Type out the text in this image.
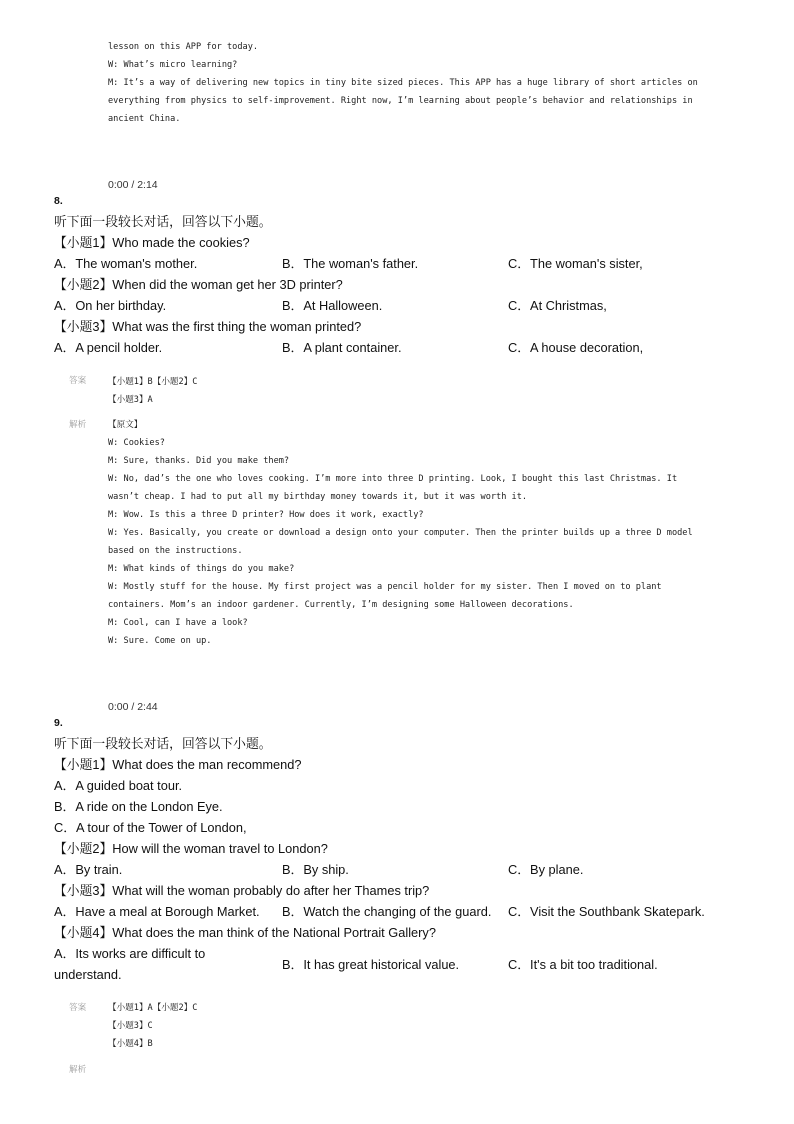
lesson on this APP for today.
W: What’s micro learning?
M: It’s a way of delivering new topics in tiny bite sized pieces. This APP has a huge library of short articles on
everything from physics to self-improvement. Right now, I’m learning about people’s behavior and relationships in
ancient China.
0:00 / 2:14
8.
听下面一段较长对话，回答以下小题。
【小题1】Who made the cookies?
A．The woman's mother.	B．The woman's father.	C．The woman's sister,
【小题2】When did the woman get her 3D printer?
A．On her birthday.	B．At Halloween.	C．At Christmas,
【小题3】What was the first thing the woman printed?
A．A pencil holder.	B．A plant container.	C．A house decoration,
答案	【小题1】B【小题2】C
【小题3】A
解析	【原文】
W: Cookies?
M: Sure, thanks. Did you make them?
W: No, dad’s the one who loves cooking. I’m more into three D printing. Look, I bought this last Christmas. It
wasn’t cheap. I had to put all my birthday money towards it, but it was worth it.
M: Wow. Is this a three D printer? How does it work, exactly?
W: Yes. Basically, you create or download a design onto your computer. Then the printer builds up a three D model
based on the instructions.
M: What kinds of things do you make?
W: Mostly stuff for the house. My first project was a pencil holder for my sister. Then I moved on to plant
containers. Mom’s an indoor gardener. Currently, I’m designing some Halloween decorations.
M: Cool, can I have a look?
W: Sure. Come on up.
0:00 / 2:44
9.
听下面一段较长对话，回答以下小题。
【小题1】What does the man recommend?
A．A guided boat tour.
B．A ride on the London Eye.
C．A tour of the Tower of London,
【小题2】How will the woman travel to London?
A．By train.	B．By ship.	C．By plane.
【小题3】What will the woman probably do after her Thames trip?
A．Have a meal at Borough Market. B．Watch the changing of the guard. C．Visit the Southbank Skatepark.
【小题4】What does the man think of the National Portrait Gallery?
A．Its works are difficult to understand.
B．It has great historical value.	C．It's a bit too traditional.
答案	【小题1】A【小题2】C
【小题3】C
【小题4】B
解析
